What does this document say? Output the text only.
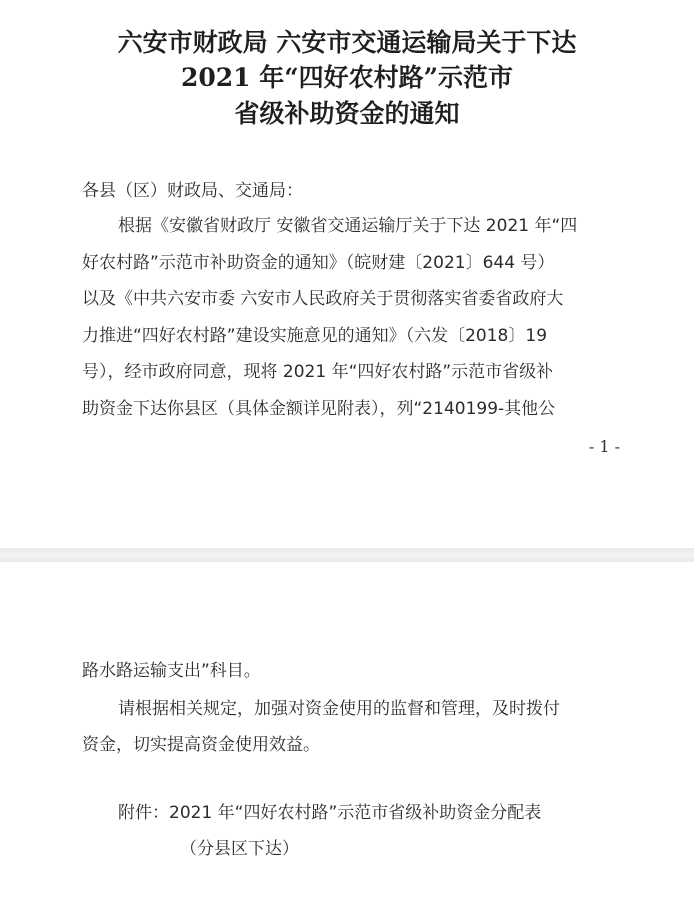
六安市财政局 六安市交通运输局关于下达
2021 年“四好农村路”示范市
省级补助资金的通知
各县（区）财政局、交通局：
根据《安徽省财政厅 安徽省交通运输厅关于下达 2021 年“四
好农村路”示范市补助资金的通知》（皖财建〔2021〕644 号）
以及《中共六安市委 六安市人民政府关于贯彻落实省委省政府大
力推进“四好农村路”建设实施意见的通知》（六发〔2018〕19
号），经市政府同意，现将 2021 年“四好农村路”示范市省级补
助资金下达你县区（具体金额详见附表），列“2140199-其他公
- 1 -
路水路运输支出”科目。
请根据相关规定，加强对资金使用的监督和管理，及时拨付
资金，切实提高资金使用效益。
附件：2021 年“四好农村路”示范市省级补助资金分配表
（分县区下达）
